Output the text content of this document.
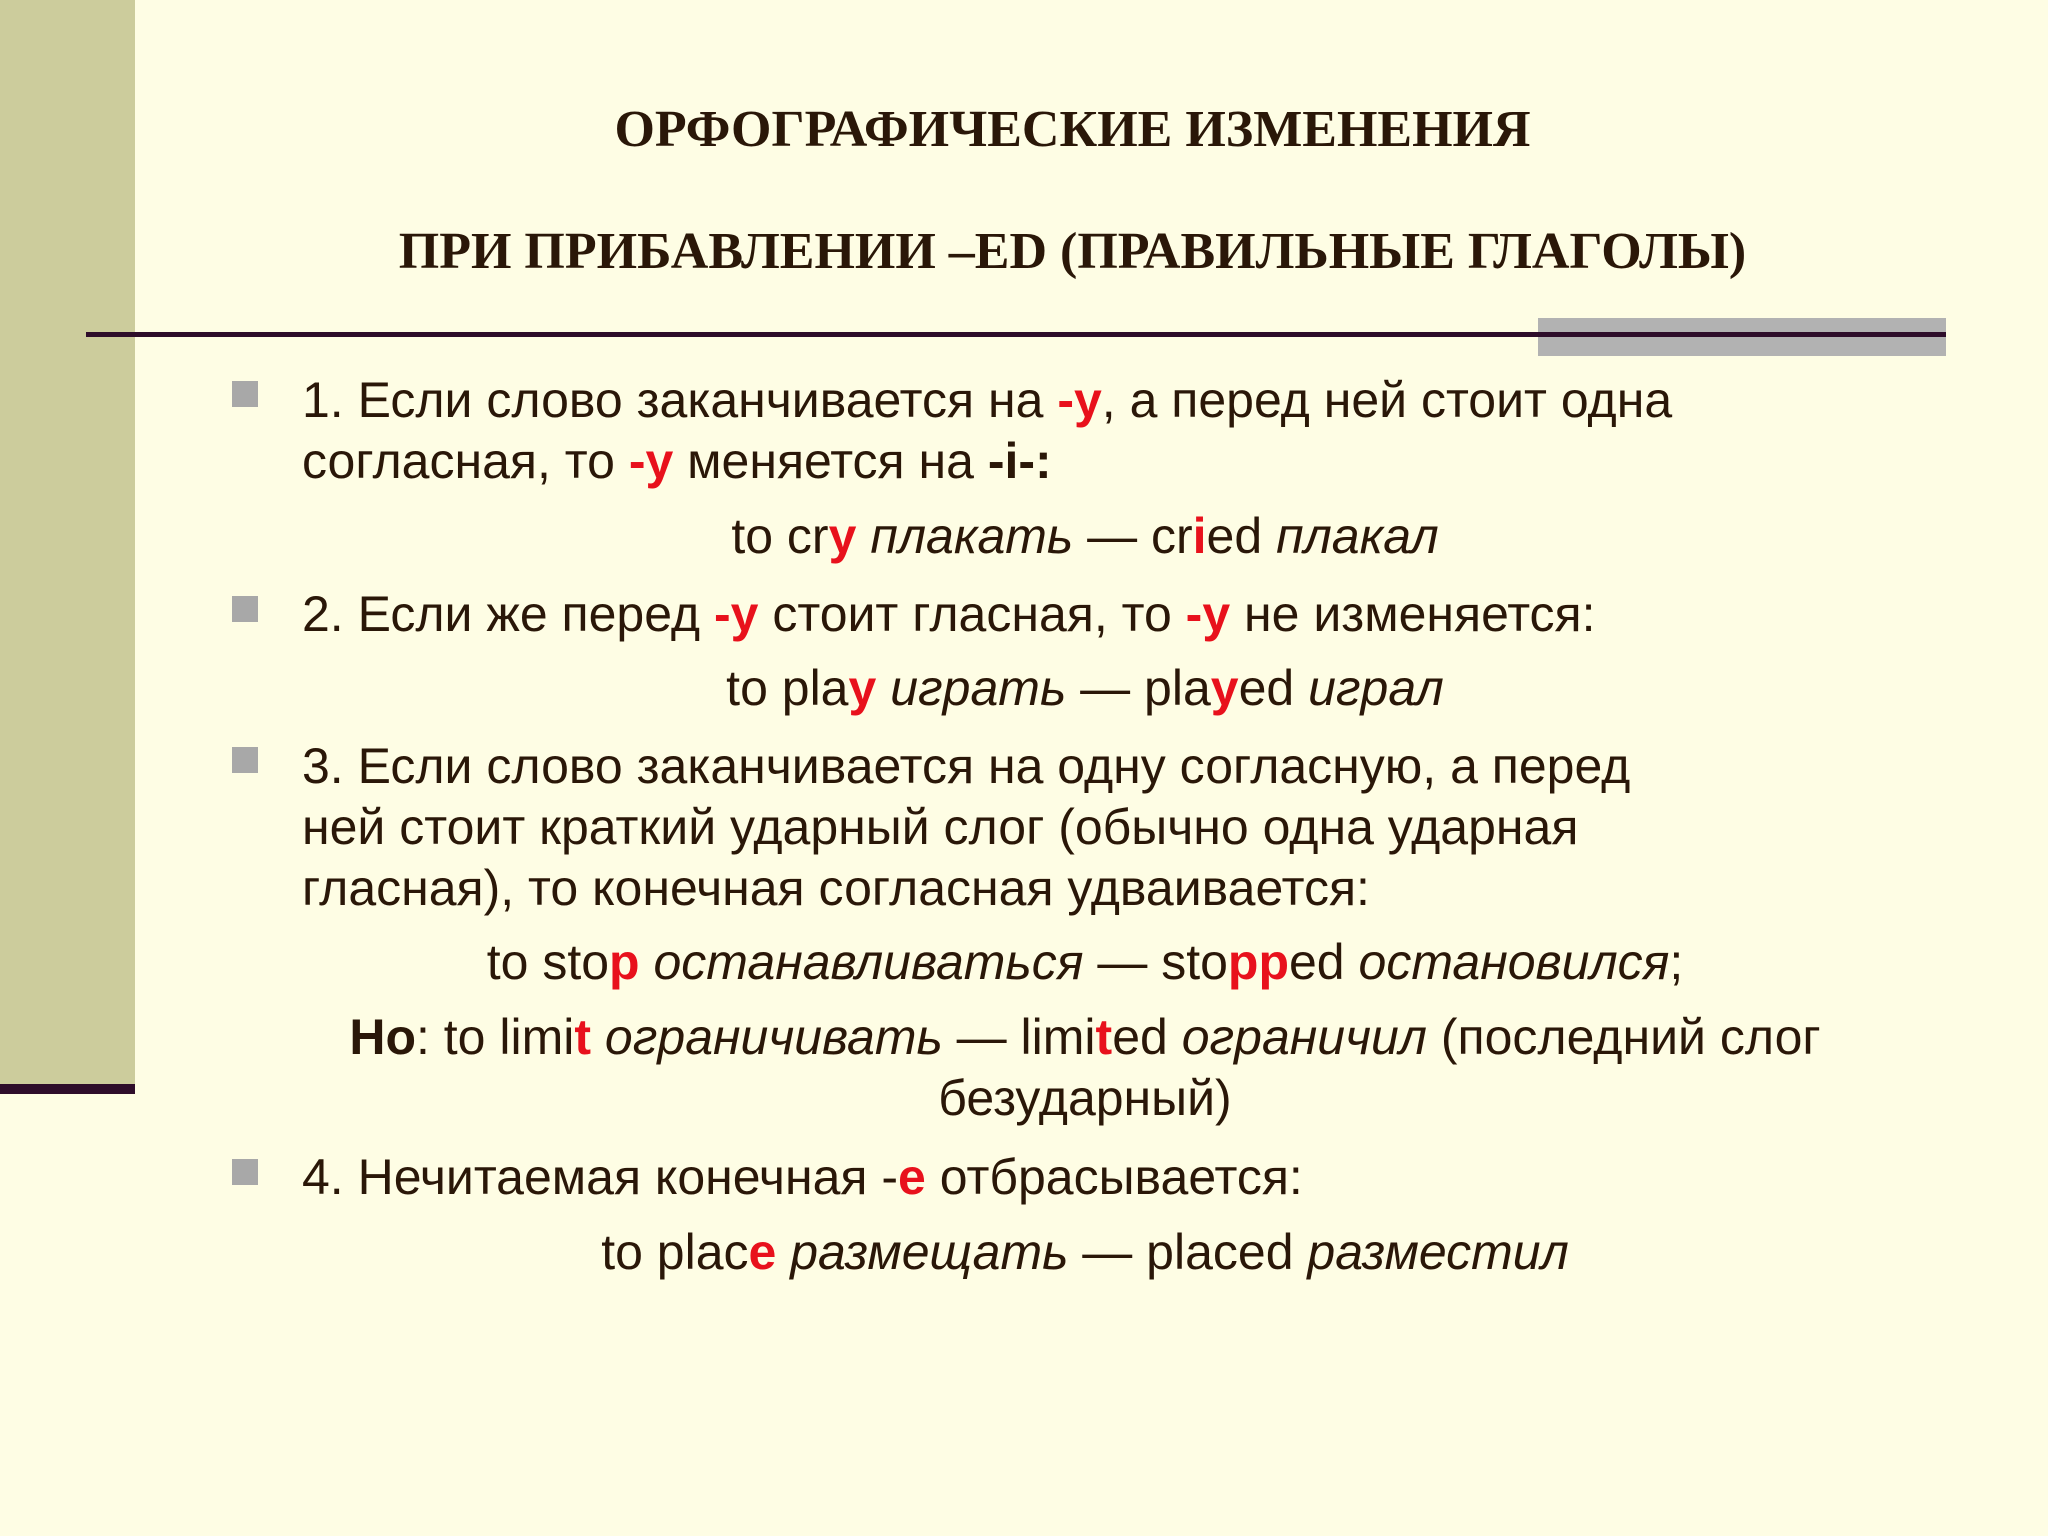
ОРФОГРАФИЧЕСКИЕ ИЗМЕНЕНИЯ
ПРИ ПРИБАВЛЕНИИ –ED (ПРАВИЛЬНЫЕ ГЛАГОЛЫ)
1. Если слово заканчивается на -у, а перед ней стоит одна
согласная, то -у меняется на -i-:
to cry плакать — cried плакал
2. Если же перед -у стоит гласная, то -у не изменяется:
to play играть — played играл
3. Если слово заканчивается на одну согласную, а перед
ней стоит краткий ударный слог (обычно одна ударная
гласная), то конечная согласная удваивается:
to stop останавливаться — stopped остановился;
Но: to limit ограничивать — limited ограничил (последний слог
безударный)
4. Нечитаемая конечная -е отбрасывается:
to place размещать — placed разместил
